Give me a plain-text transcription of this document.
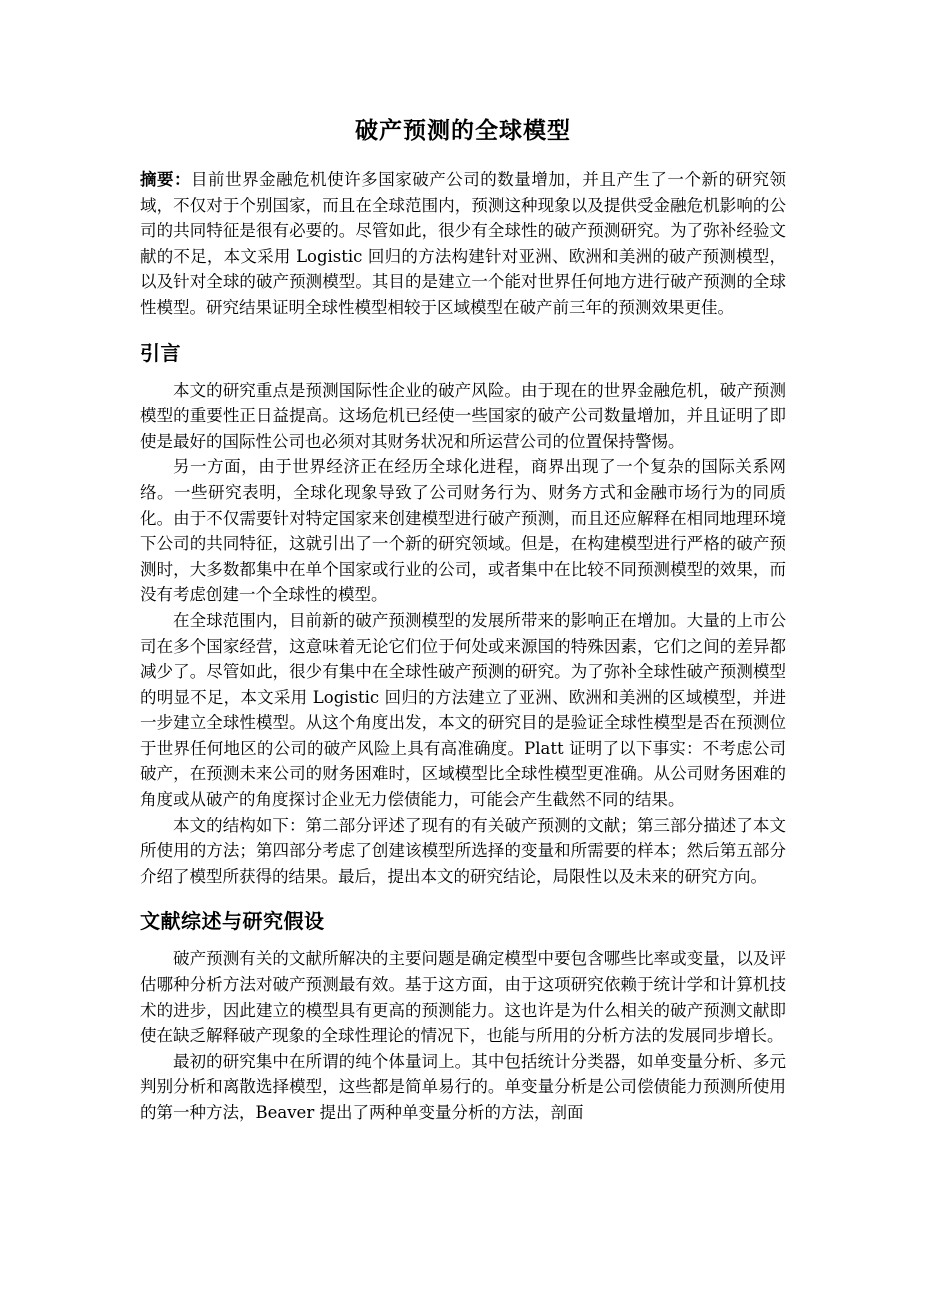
破产预测的全球模型

摘要：目前世界金融危机使许多国家破产公司的数量增加，并且产生了一个新的研究领域，不仅对于个别国家，而且在全球范围内，预测这种现象以及提供受金融危机影响的公司的共同特征是很有必要的。尽管如此，很少有全球性的破产预测研究。为了弥补经验文献的不足，本文采用 Logistic 回归的方法构建针对亚洲、欧洲和美洲的破产预测模型，以及针对全球的破产预测模型。其目的是建立一个能对世界任何地方进行破产预测的全球性模型。研究结果证明全球性模型相较于区域模型在破产前三年的预测效果更佳。

引言

本文的研究重点是预测国际性企业的破产风险。由于现在的世界金融危机，破产预测模型的重要性正日益提高。这场危机已经使一些国家的破产公司数量增加，并且证明了即使是最好的国际性公司也必须对其财务状况和所运营公司的位置保持警惕。

另一方面，由于世界经济正在经历全球化进程，商界出现了一个复杂的国际关系网络。一些研究表明，全球化现象导致了公司财务行为、财务方式和金融市场行为的同质化。由于不仅需要针对特定国家来创建模型进行破产预测，而且还应解释在相同地理环境下公司的共同特征，这就引出了一个新的研究领域。但是，在构建模型进行严格的破产预测时，大多数都集中在单个国家或行业的公司，或者集中在比较不同预测模型的效果，而没有考虑创建一个全球性的模型。

在全球范围内，目前新的破产预测模型的发展所带来的影响正在增加。大量的上市公司在多个国家经营，这意味着无论它们位于何处或来源国的特殊因素，它们之间的差异都减少了。尽管如此，很少有集中在全球性破产预测的研究。为了弥补全球性破产预测模型的明显不足，本文采用 Logistic 回归的方法建立了亚洲、欧洲和美洲的区域模型，并进一步建立全球性模型。从这个角度出发，本文的研究目的是验证全球性模型是否在预测位于世界任何地区的公司的破产风险上具有高准确度。Platt 证明了以下事实：不考虑公司破产，在预测未来公司的财务困难时，区域模型比全球性模型更准确。从公司财务困难的角度或从破产的角度探讨企业无力偿债能力，可能会产生截然不同的结果。

本文的结构如下：第二部分评述了现有的有关破产预测的文献；第三部分描述了本文所使用的方法；第四部分考虑了创建该模型所选择的变量和所需要的样本；然后第五部分介绍了模型所获得的结果。最后，提出本文的研究结论，局限性以及未来的研究方向。

文献综述与研究假设

破产预测有关的文献所解决的主要问题是确定模型中要包含哪些比率或变量，以及评估哪种分析方法对破产预测最有效。基于这方面，由于这项研究依赖于统计学和计算机技术的进步，因此建立的模型具有更高的预测能力。这也许是为什么相关的破产预测文献即使在缺乏解释破产现象的全球性理论的情况下，也能与所用的分析方法的发展同步增长。

最初的研究集中在所谓的纯个体量词上。其中包括统计分类器，如单变量分析、多元判别分析和离散选择模型，这些都是简单易行的。单变量分析是公司偿债能力预测所使用的第一种方法，Beaver 提出了两种单变量分析的方法，剖面
